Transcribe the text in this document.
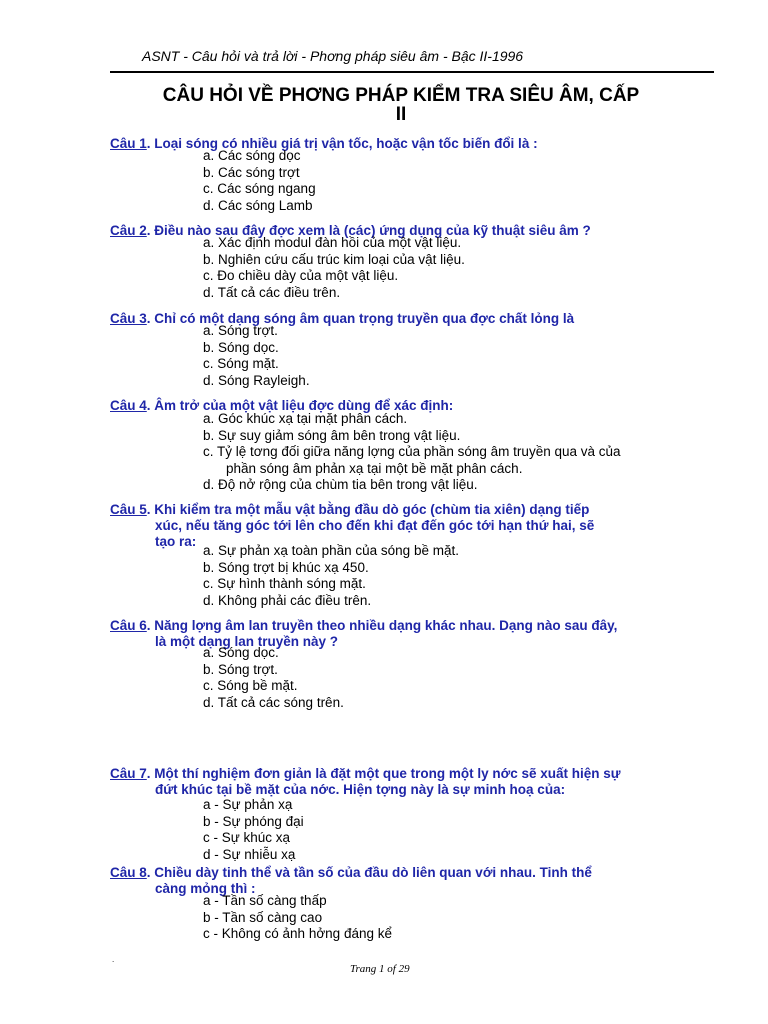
ASNT - Câu hỏi và trả lời - Phơng pháp siêu âm - Bậc II-1996
CÂU HỎI VỀ PHƠNG PHÁP KIỂM TRA SIÊU ÂM, CẤP
II
Câu 1. Loại sóng có nhiều giá trị vận tốc, hoặc vận tốc biến đổi là :
a. Các sóng dọc
b. Các sóng trợt
c. Các sóng ngang
d. Các sóng Lamb
Câu 2. Điều nào sau đây đợc xem là (các) ứng dụng của kỹ thuật siêu âm ?
a. Xác định modul đàn hồi của một vật liệu.
b. Nghiên cứu cấu trúc kim loại của vật liệu.
c. Đo chiều dày của một vật liệu.
d. Tất cả các điều trên.
Câu 3. Chỉ có một dạng sóng âm quan trọng truyền qua đợc chất lỏng là
a. Sóng trợt.
b. Sóng dọc.
c. Sóng mặt.
d. Sóng Rayleigh.
Câu 4. Âm trở của một vật liệu đợc dùng để xác định:
a. Góc khúc xạ tại mặt phân cách.
b. Sự suy giảm sóng âm bên trong vật liệu.
c. Tỷ lệ tơng đối giữa năng lợng của phần sóng âm truyền qua và của
phần sóng âm phản xạ tại một bề mặt phân cách.
d. Độ nở rộng của chùm tia bên trong vật liệu.
Câu 5. Khi kiểm tra một mẫu vật bằng đầu dò góc (chùm tia xiên) dạng tiếp
xúc, nếu tăng góc tới lên cho đến khi đạt đến góc tới hạn thứ hai, sẽ
tạo ra:
a. Sự phản xạ toàn phần của sóng bề mặt.
b. Sóng trợt bị khúc xạ 450.
c. Sự hình thành sóng mặt.
d. Không phải các điều trên.
Câu 6. Năng lợng âm lan truyền theo nhiều dạng khác nhau. Dạng nào sau đây,
là một dạng lan truyền này ?
a. Sóng dọc.
b. Sóng trợt.
c. Sóng bề mặt.
d. Tất cả các sóng trên.
Câu 7. Một thí nghiệm đơn giản là đặt một que trong một ly nớc sẽ xuất hiện sự
đứt khúc tại bề mặt của nớc. Hiện tợng này là sự minh hoạ của:
a - Sự phản xạ
b - Sự phóng đại
c - Sự khúc xạ
d - Sự nhiễu xạ
Câu 8. Chiều dày tinh thể và tần số của đầu dò liên quan với nhau. Tinh thể
càng mỏng thì :
a - Tần số càng thấp
b - Tần số càng cao
c - Không có ảnh hởng đáng kể
.
Trang 1 of 29
